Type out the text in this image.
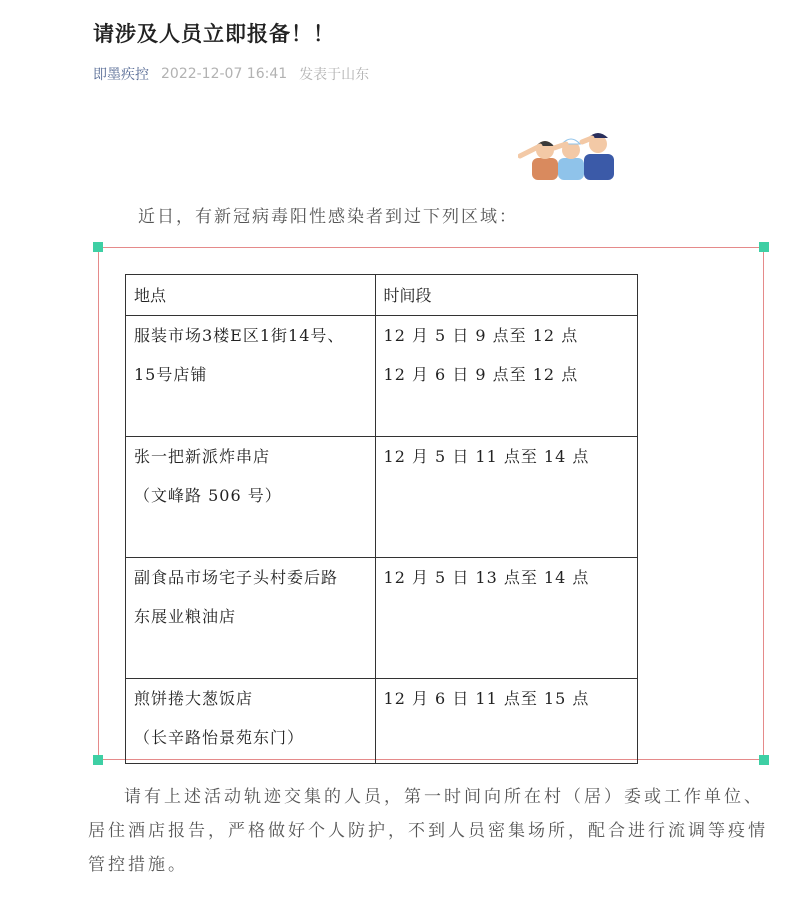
请涉及人员立即报备！！
即墨疾控 2022-12-07 16:41 发表于山东
近日，有新冠病毒阳性感染者到过下列区域：
地点	时间段

服装市场3楼E区1街14号、
15号店铺	12 月 5 日 9 点至 12 点
12 月 6 日 9 点至 12 点

张一把新派炸串店
（文峰路 506 号）	12 月 5 日 11 点至 14 点

副食品市场宅子头村委后路
东展业粮油店	12 月 5 日 13 点至 14 点

煎饼捲大葱饭店
（长辛路怡景苑东门）	12 月 6 日 11 点至 15 点
请有上述活动轨迹交集的人员，第一时间向所在村（居）委或工作单位、居住酒店报告，严格做好个人防护，不到人员密集场所，配合进行流调等疫情管控措施。
